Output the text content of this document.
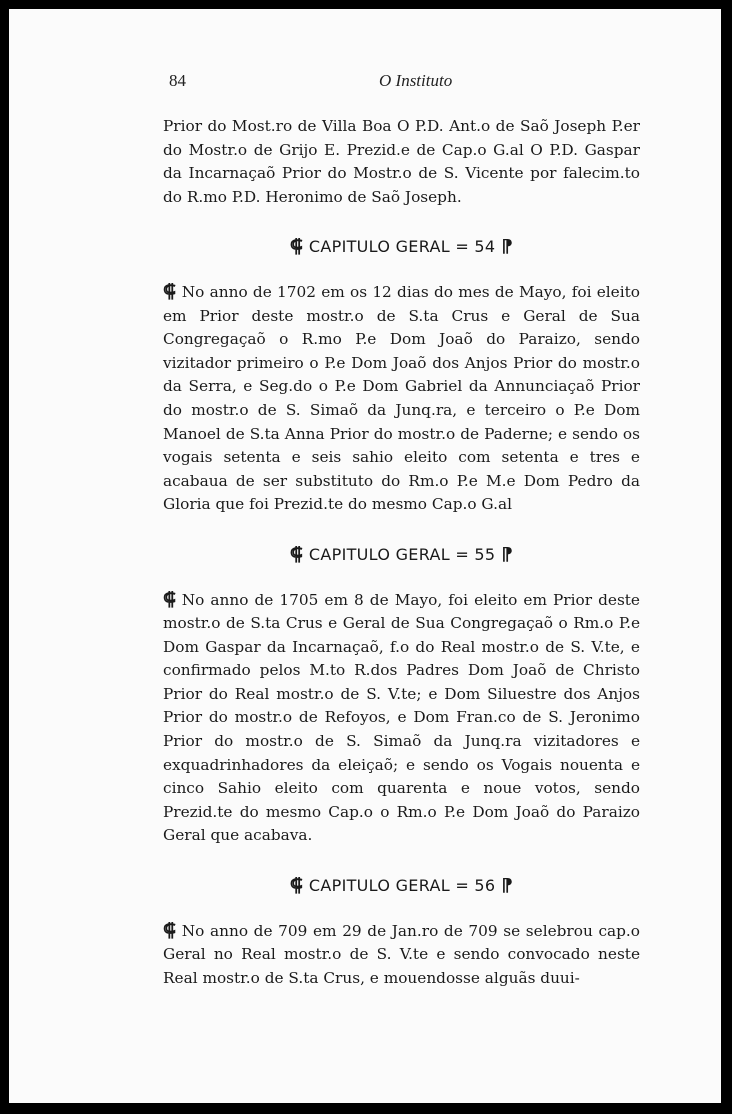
84	O Instituto

Prior do Most.ro de Villa Boa O P.D. Ant.o de Saõ Joseph P.er do Mostr.o de Grijo E. Prezid.e de Cap.o G.al O P.D. Gaspar da Incarnaçaõ Prior do Mostr.o de S. Vicente por falecim.to do R.mo P.D. Heronimo de Saõ Joseph.

⸿ CAPITULO GERAL = 54 ⁋

⸿ No anno de 1702 em os 12 dias do mes de Mayo, foi eleito em Prior deste mostr.o de S.ta Crus e Geral de Sua Congregaçaõ o R.mo P.e Dom Joaõ do Paraizo, sendo vizitador primeiro o P.e Dom Joaõ dos Anjos Prior do mostr.o da Serra, e Seg.do o P.e Dom Gabriel da Annunciaçaõ Prior do mostr.o de S. Simaõ da Junq.ra, e terceiro o P.e Dom Manoel de S.ta Anna Prior do mostr.o de Paderne; e sendo os vogais setenta e seis sahio eleito com setenta e tres e acabaua de ser substituto do Rm.o P.e M.e Dom Pedro da Gloria que foi Prezid.te do mesmo Cap.o G.al

⸿ CAPITULO GERAL = 55 ⁋

⸿ No anno de 1705 em 8 de Mayo, foi eleito em Prior deste mostr.o de S.ta Crus e Geral de Sua Congregaçaõ o Rm.o P.e Dom Gaspar da Incarnaçaõ, f.o do Real mostr.o de S. V.te, e confirmado pelos M.to R.dos Padres Dom Joaõ de Christo Prior do Real mostr.o de S. V.te; e Dom Siluestre dos Anjos Prior do mostr.o de Refoyos, e Dom Fran.co de S. Jeronimo Prior do mostr.o de S. Simaõ da Junq.ra vizitadores e exquadrinhadores da eleiçaõ; e sendo os Vogais nouenta e cinco Sahio eleito com quarenta e noue votos, sendo Prezid.te do mesmo Cap.o o Rm.o P.e Dom Joaõ do Paraizo Geral que acabava.

⸿ CAPITULO GERAL = 56 ⁋

⸿ No anno de 709 em 29 de Jan.ro de 709 se selebrou cap.o Geral no Real mostr.o de S. V.te e sendo convocado neste Real mostr.o de S.ta Crus, e mouendosse alguãs duui-
